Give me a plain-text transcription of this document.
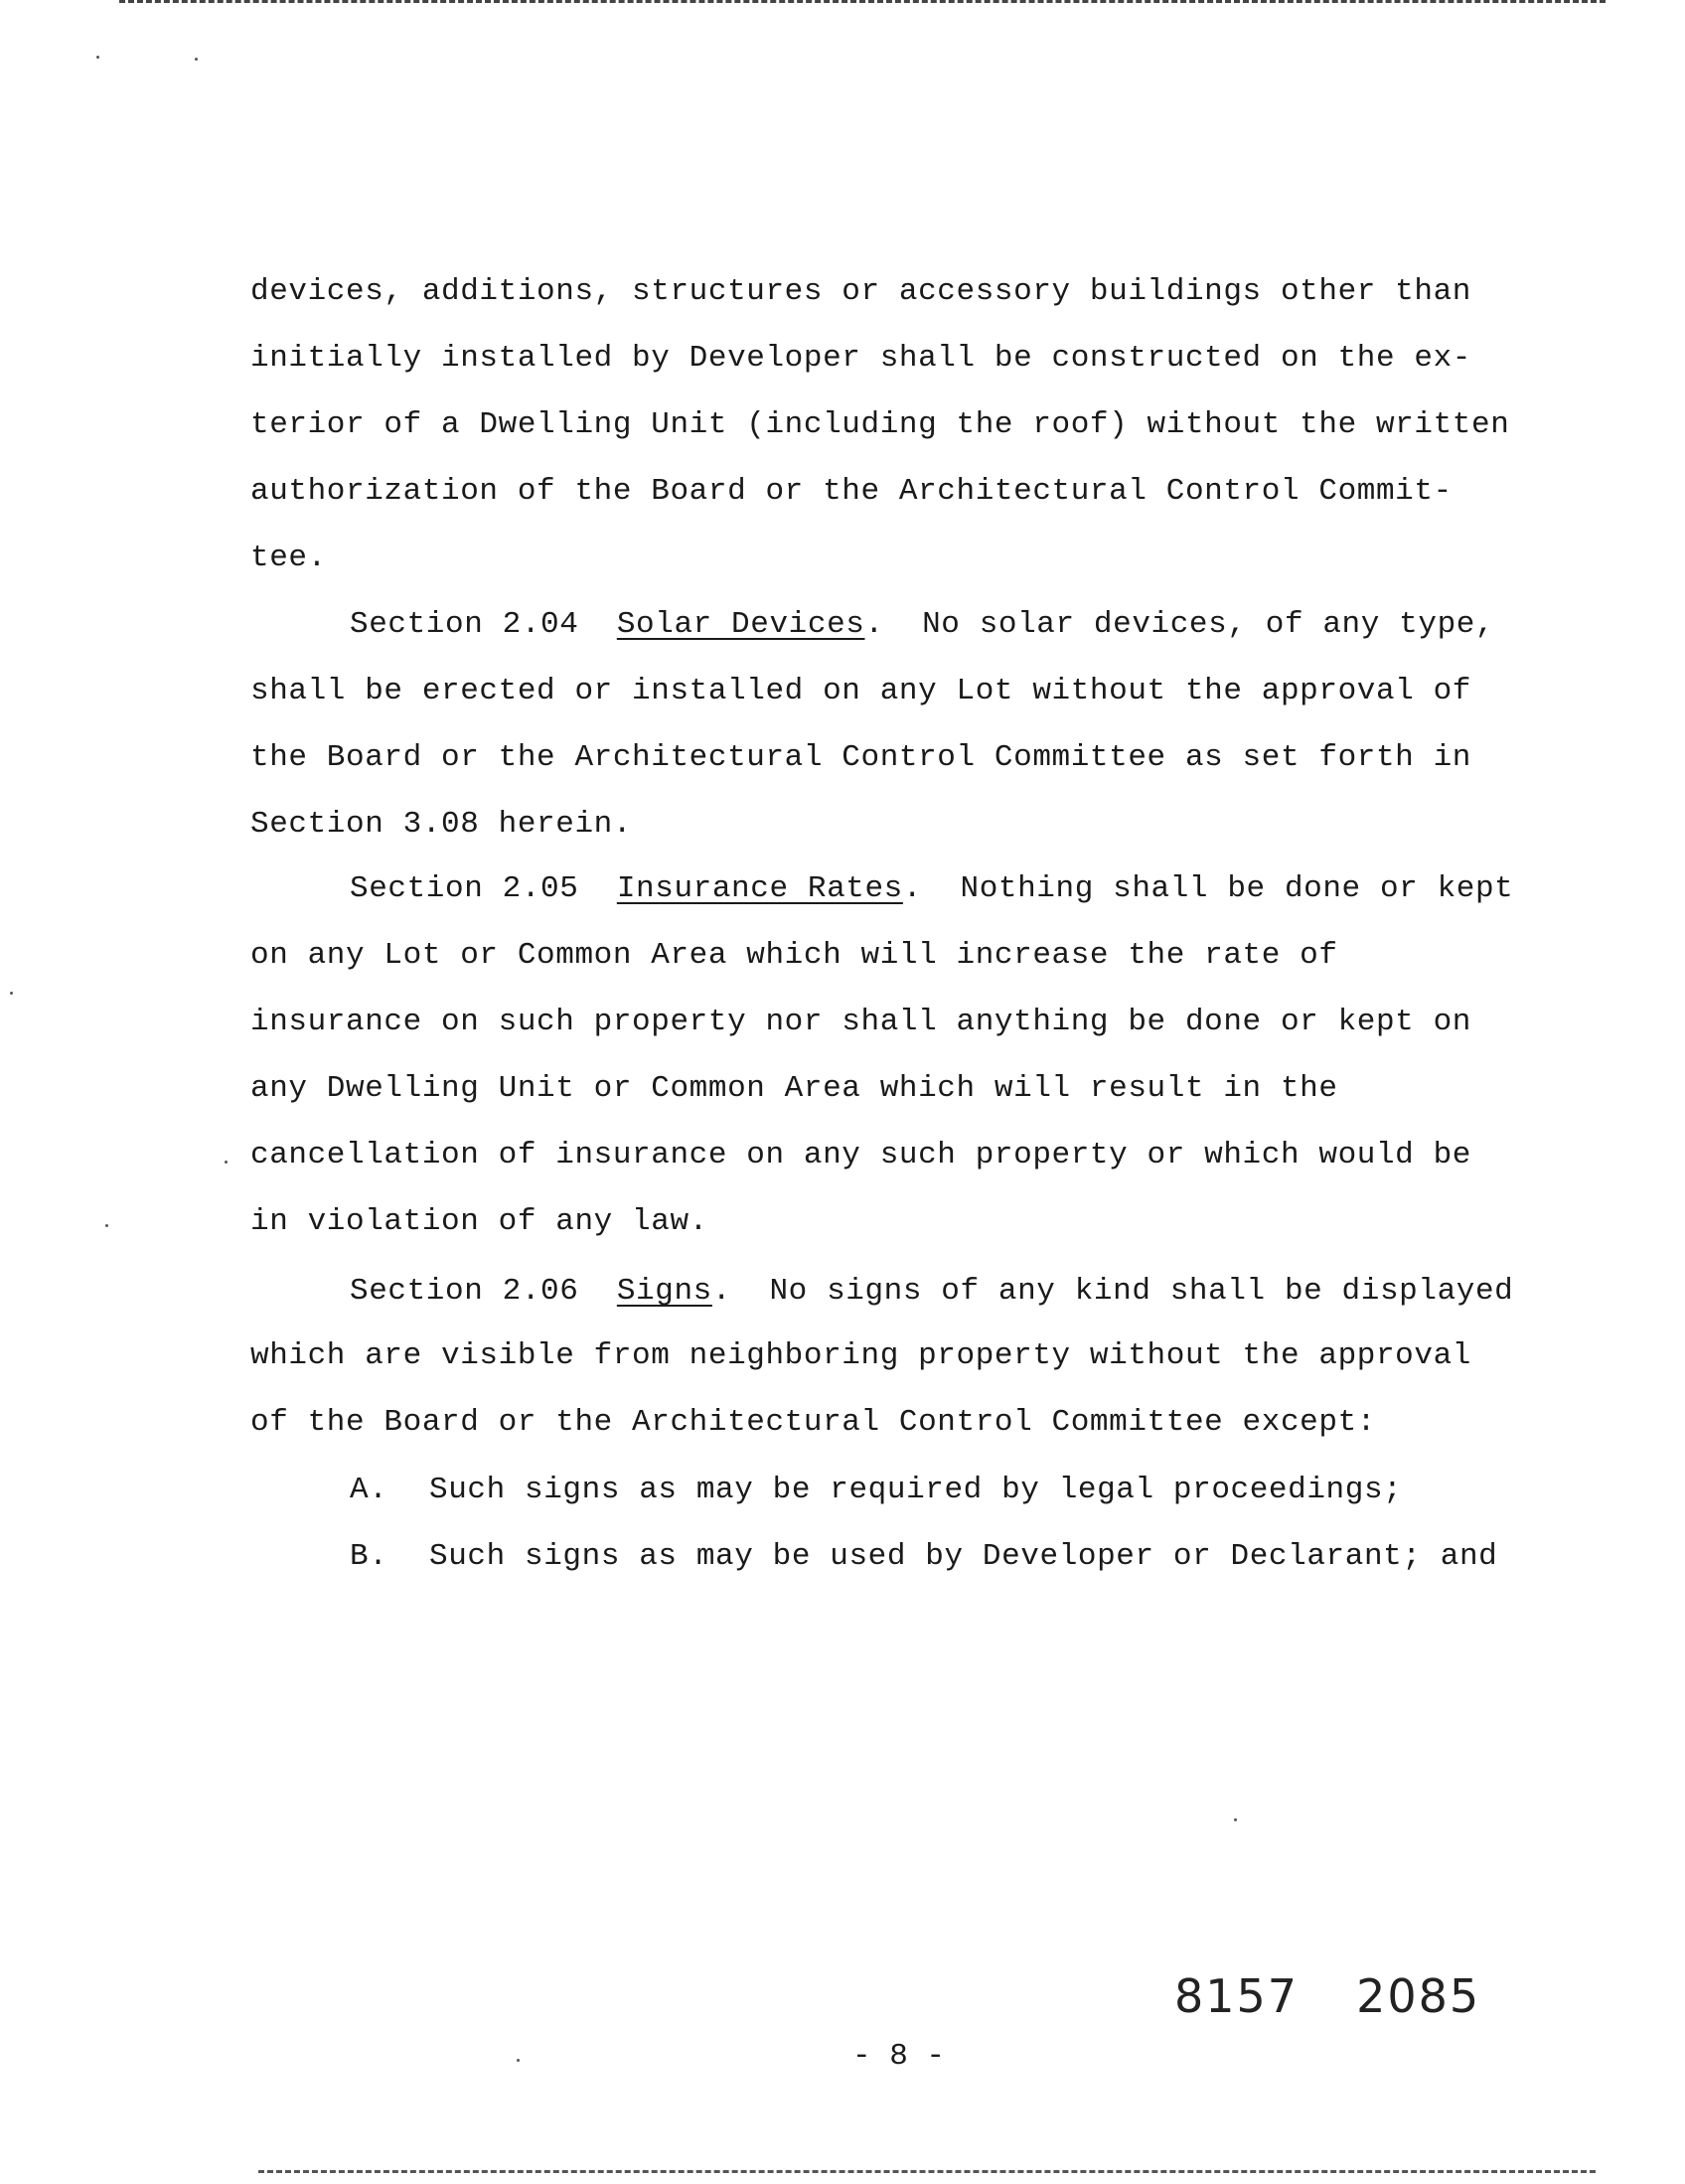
devices, additions, structures or accessory buildings other than
initially installed by Developer shall be constructed on the ex-
terior of a Dwelling Unit (including the roof) without the written
authorization of the Board or the Architectural Control Commit-
tee.
Section 2.04 Solar Devices.  No solar devices, of any type,
shall be erected or installed on any Lot without the approval of
the Board or the Architectural Control Committee as set forth in
Section 3.08 herein.
Section 2.05 Insurance Rates.  Nothing shall be done or kept
on any Lot or Common Area which will increase the rate of
insurance on such property nor shall anything be done or kept on
any Dwelling Unit or Common Area which will result in the
cancellation of insurance on any such property or which would be
in violation of any law.
Section 2.06 Signs.  No signs of any kind shall be displayed
which are visible from neighboring property without the approval
of the Board or the Architectural Control Committee except:
A. Such signs as may be required by legal proceedings;
B. Such signs as may be used by Developer or Declarant; and
8157 2085
- 8 -
